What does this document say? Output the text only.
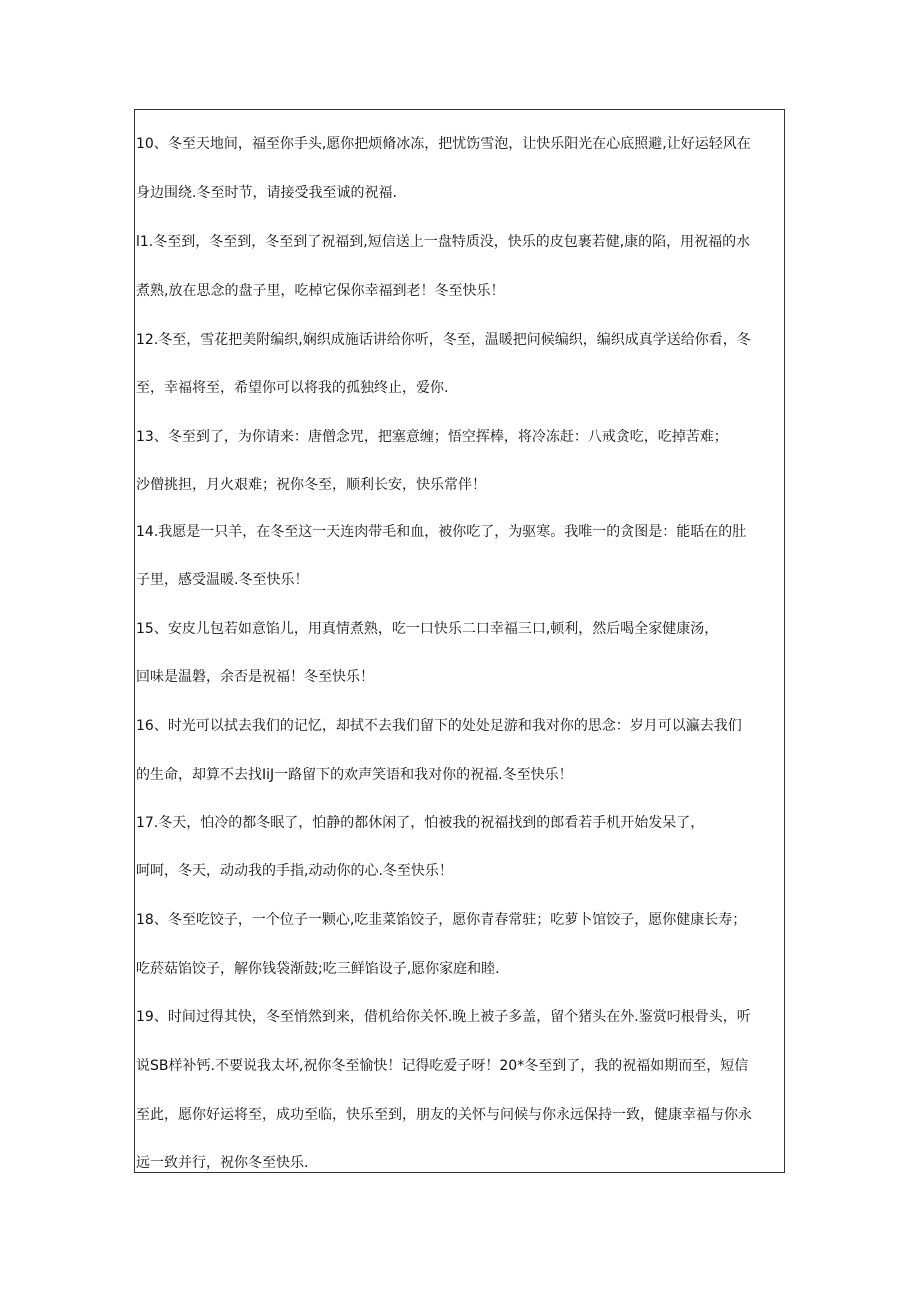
10、冬至天地间，福至你手头,愿你把烦脩冰冻，把忧饬雪泡，让快乐阳光在心底照避,让好运轻风在
身边围绕.冬至时节，请接受我至诚的祝福.
l1.冬至到，冬至到，冬至到了祝福到,短信送上一盘特质没，快乐的皮包裹若健,康的陷，用祝福的水
煮熟,放在思念的盘子里，吃棹它保你幸福到老！冬至快乐！
12.冬至，雪花把美附编织,娴织成施话讲给你听，冬至，温暖把问候编织，编织成真学送给你看，冬
至，幸福将至，希望你可以将我的孤独终止，爱你.
13、冬至到了，为你请来：唐僧念咒，把塞意缠；悟空挥棒，将冷冻赶：八戒贪吃，吃掉苦难；
沙僧挑担，月火艰难；祝你冬至，顺利长安，快乐常伴！
14.我愿是一只羊，在冬至这一天连肉带毛和血，被你吃了，为驱寒。我唯一的贪图是：能聒在的肚
子里，感受温暖.冬至快乐！
15、安皮儿包若如意馅儿，用真情煮熟，吃一口快乐二口幸福三口,顿利，然后喝全家健康汤，
回味是温磐，余否是祝福！冬至快乐！
16、时光可以拭去我们的记忆，却拭不去我们留下的处处足游和我对你的思念：岁月可以瀛去我们
的生命，却算不去找IiJ一路留下的欢声笑语和我对你的祝福.冬至快乐！
17.冬天，怕冷的都冬眠了，怕静的都休闲了，怕被我的祝福找到的郎看若手机开始发呆了，
呵呵，冬天，动动我的手指,动动你的心.冬至快乐！
18、冬至吃饺子，一个位子一颗心,吃韭菜馅饺子，愿你青春常驻；吃萝卜馆饺子，愿你健康长寿；
吃菸菇馅饺子，解你钱袋渐鼓;吃三鲜馅设子,愿你家庭和睦.
19、时间过得其快，冬至悄然到来，借机给你关怀.晚上被子多盖，留个猪头在外.鉴赏叼根骨头，听
说SB样补钙.不要说我太坏,祝你冬至愉快！记得吃爱子呀！20*冬至到了，我的祝福如期而至，短信
至此，愿你好运将至，成功至临，快乐至到，朋友的关怀与问候与你永远保持一致，健康幸福与你永
远一致并行，祝你冬至快乐.
